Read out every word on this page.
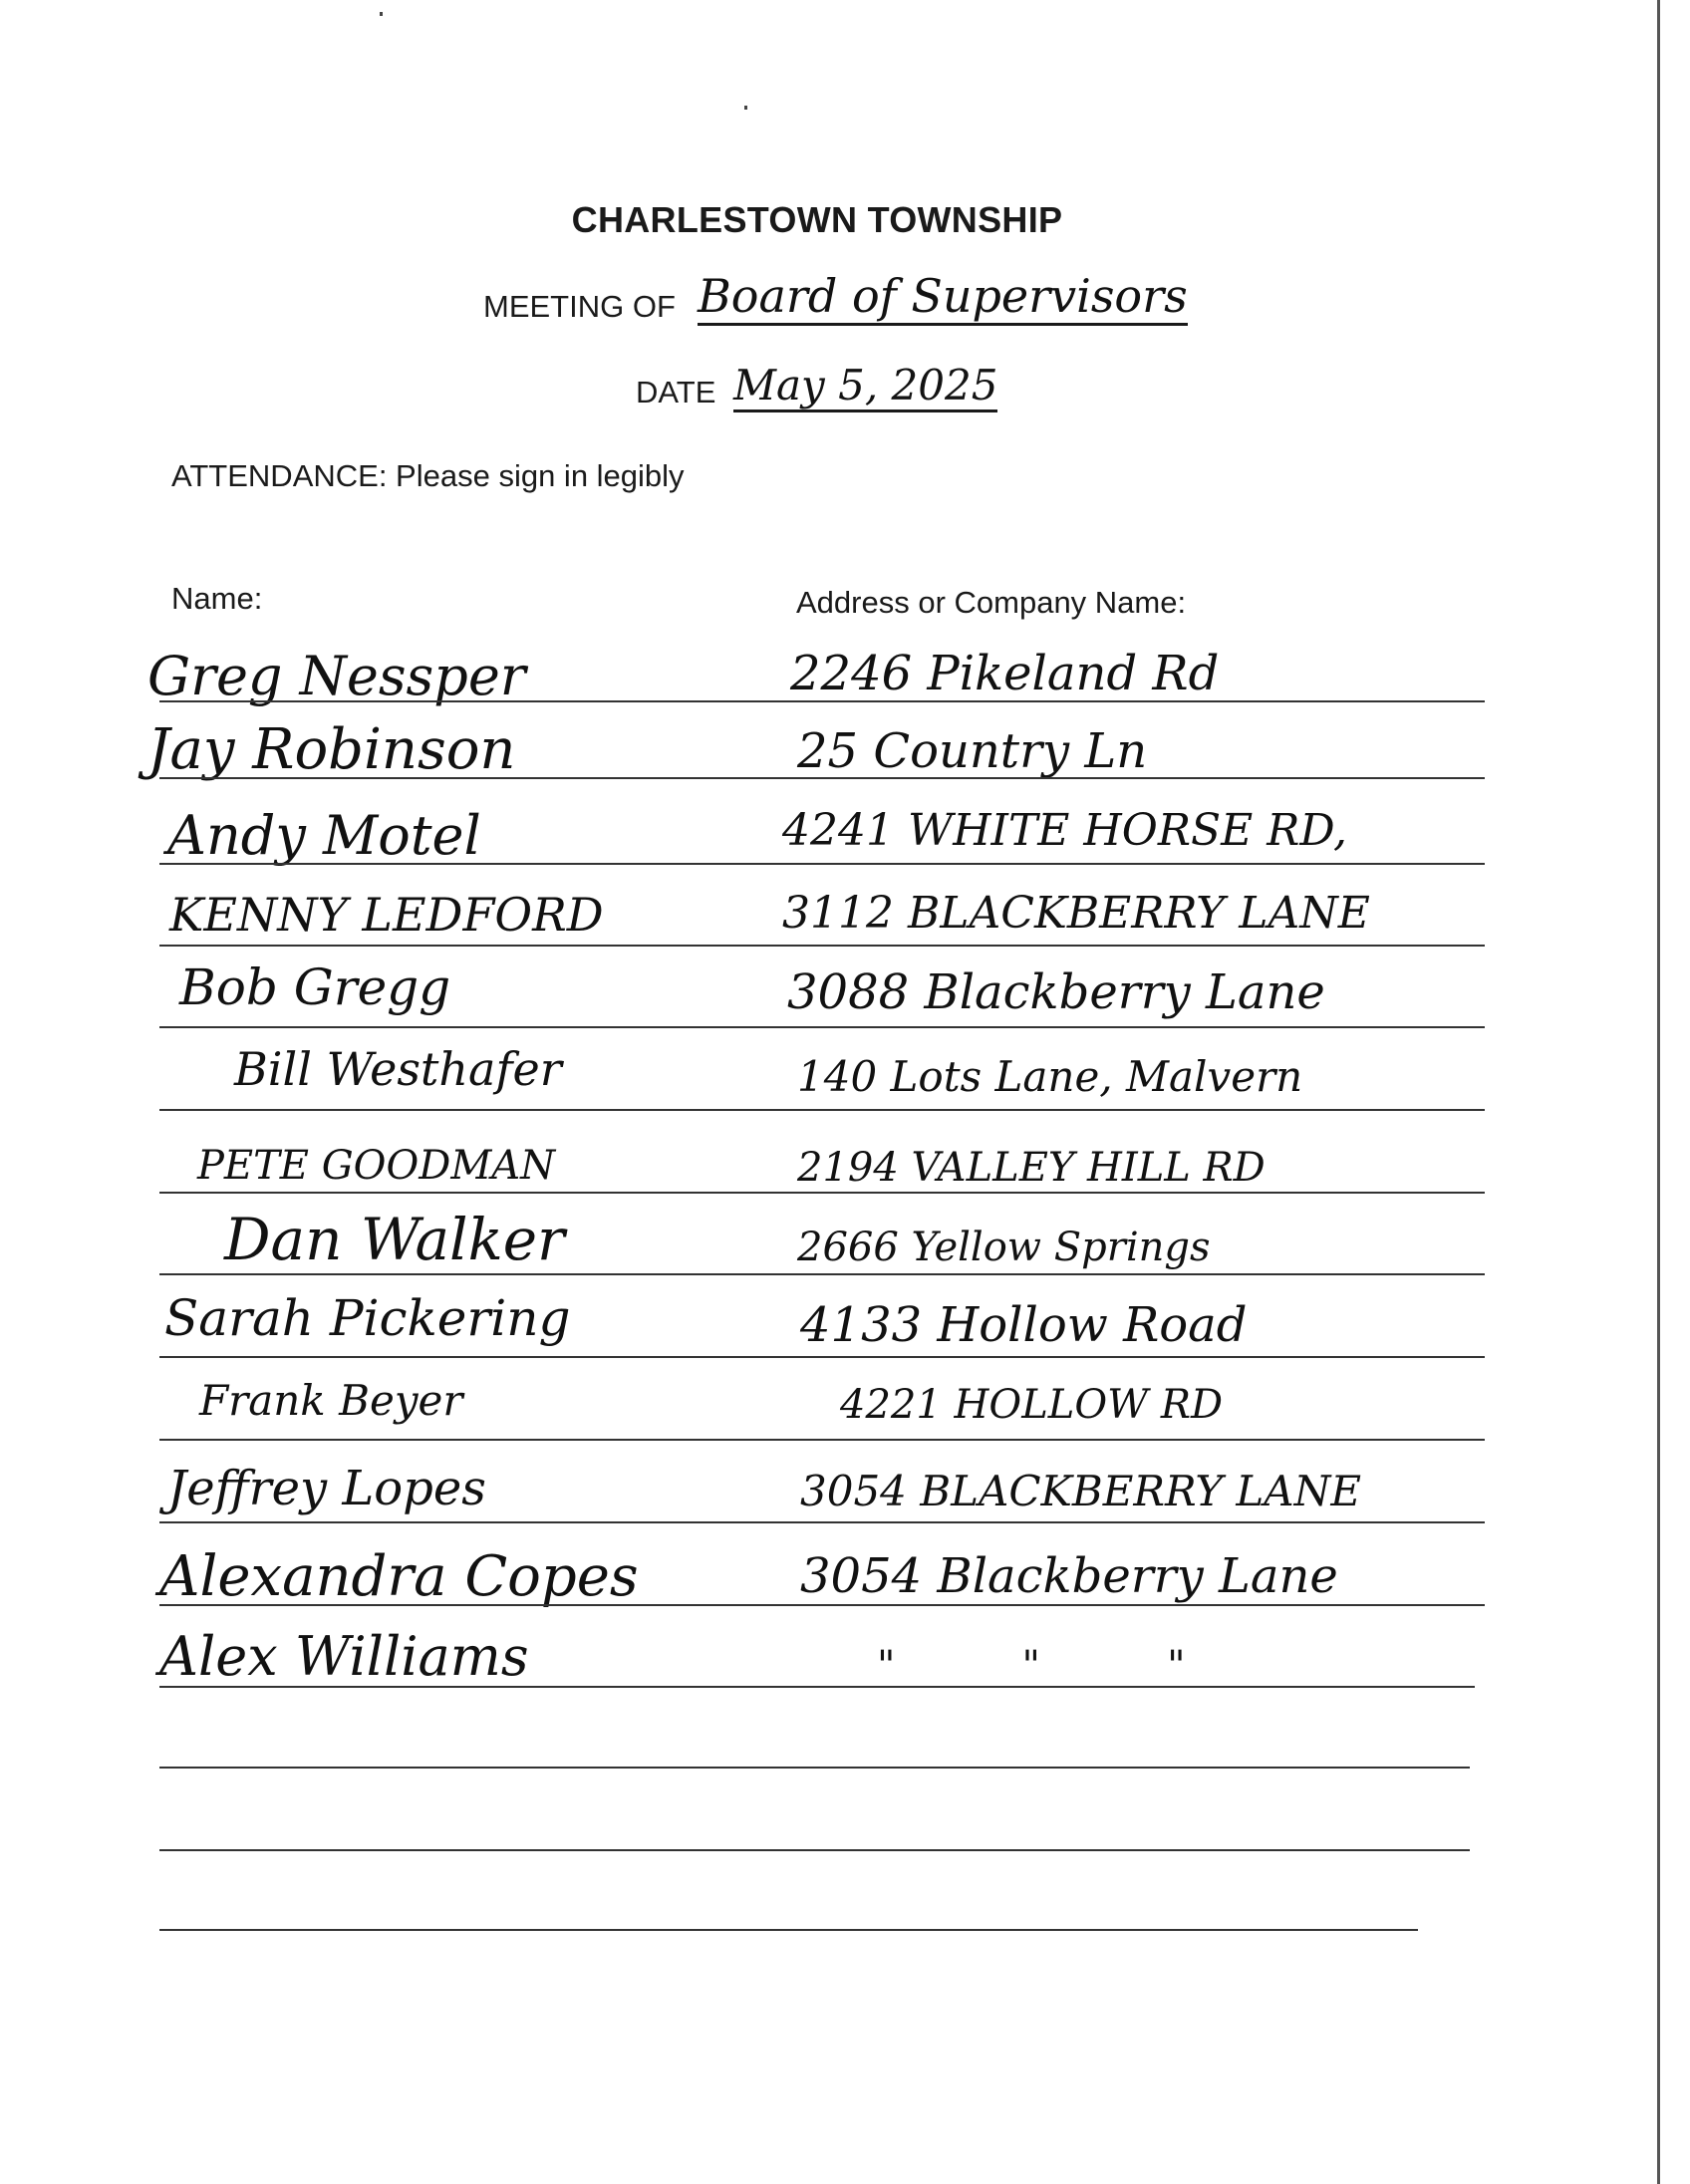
CHARLESTOWN TOWNSHIP
MEETING OF Board of Supervisors
DATE May 5, 2025
ATTENDANCE: Please sign in legibly
Name:	Address or Company Name:
Greg Nessper	2246 Pikeland Rd
Jay Robinson	25 Country Ln
Andy Motel	4241 WHITE HORSE RD,
KENNY LEDFORD	3112 BLACKBERRY LANE
Bob Gregg	3088 Blackberry Lane
Bill Westhafer	140 Lots Lane, Malvern
PETE GOODMAN	2194 VALLEY HILL RD
Dan Walker	2666 Yellow Springs
Sarah Pickering	4133 Hollow Road
Frank Beyer	4221 HOLLOW RD
Jeffrey Lopes	3054 BLACKBERRY LANE
Alexandra Copes	3054 Blackberry Lane
Alex Williams	"          "          "
